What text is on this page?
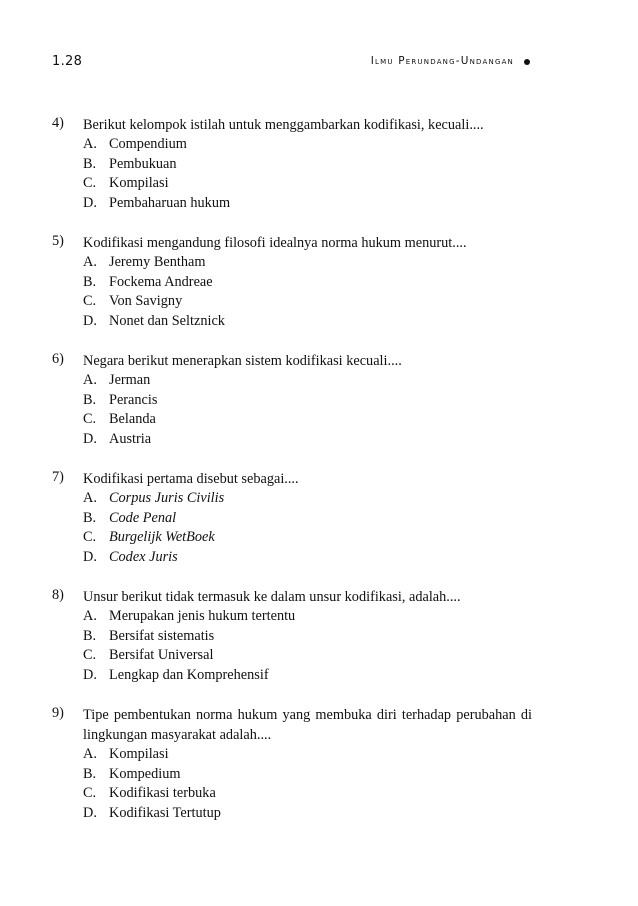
1.28	Ilmu Perundang-Undangan
4) Berikut kelompok istilah untuk menggambarkan kodifikasi, kecuali....
A. Compendium
B. Pembukuan
C. Kompilasi
D. Pembaharuan hukum
5) Kodifikasi mengandung filosofi idealnya norma hukum menurut....
A. Jeremy Bentham
B. Fockema Andreae
C. Von Savigny
D. Nonet dan Seltznick
6) Negara berikut menerapkan sistem kodifikasi kecuali....
A. Jerman
B. Perancis
C. Belanda
D. Austria
7) Kodifikasi pertama disebut sebagai....
A. Corpus Juris Civilis
B. Code Penal
C. Burgelijk WetBoek
D. Codex Juris
8) Unsur berikut tidak termasuk ke dalam unsur kodifikasi, adalah....
A. Merupakan jenis hukum tertentu
B. Bersifat sistematis
C. Bersifat Universal
D. Lengkap dan Komprehensif
9) Tipe pembentukan norma hukum yang membuka diri terhadap perubahan di lingkungan masyarakat adalah....
A. Kompilasi
B. Kompedium
C. Kodifikasi terbuka
D. Kodifikasi Tertutup
